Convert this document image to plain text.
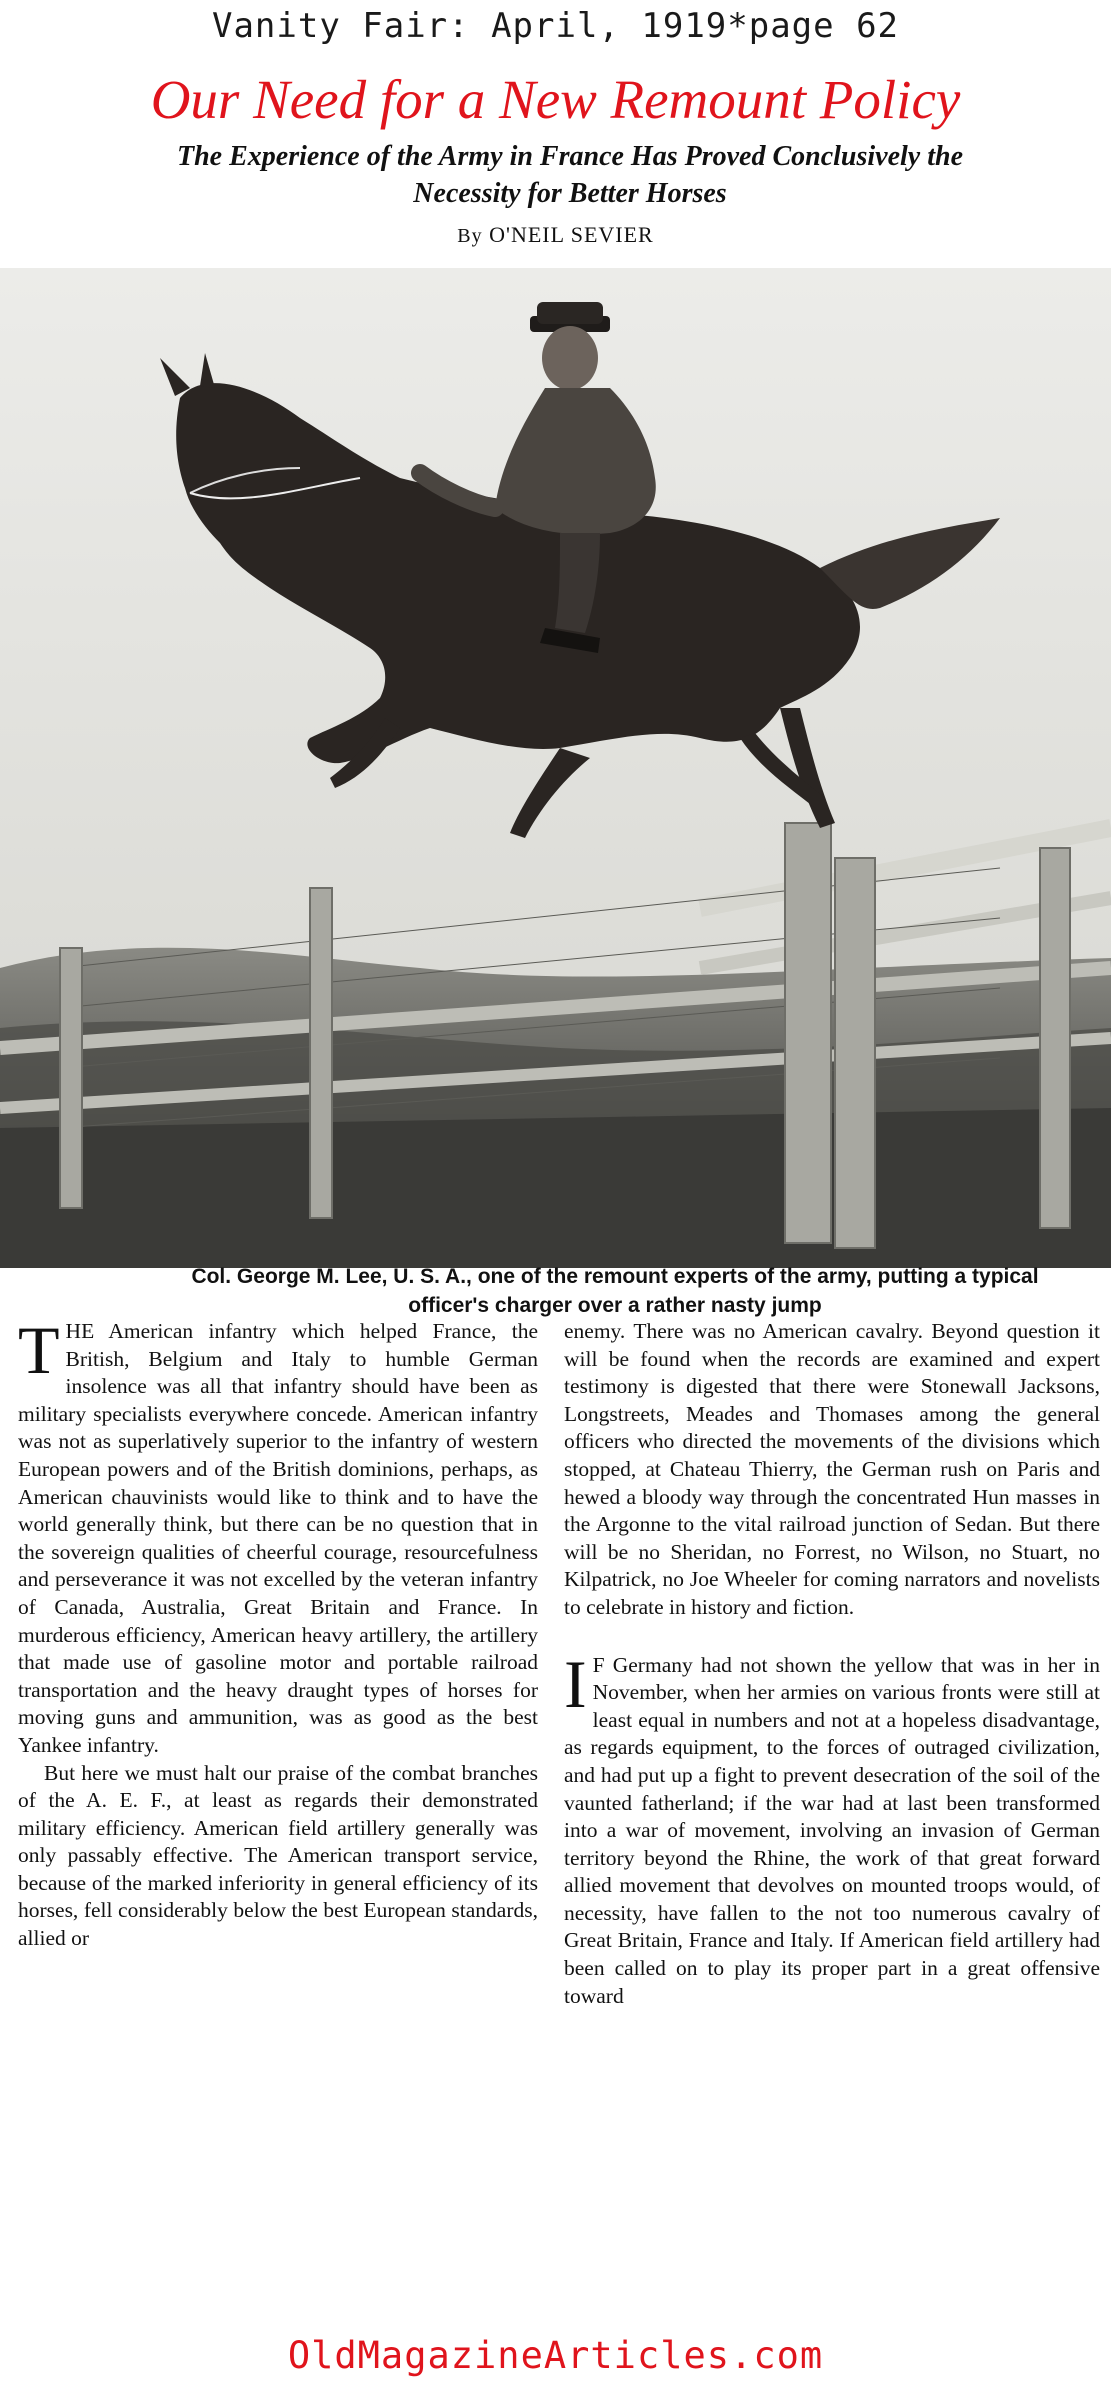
Vanity Fair: April, 1919*page 62
Our Need for a New Remount Policy
The Experience of the Army in France Has Proved Conclusively the Necessity for Better Horses
By O'NEIL SEVIER
Col. George M. Lee, U. S. A., one of the remount experts of the army, putting a typical officer's charger over a rather nasty jump

THE American infantry which helped France, the British, Belgium and Italy to humble German insolence was all that infantry should have been as military specialists everywhere concede. American infantry was not as superlatively superior to the infantry of western European powers and of the British dominions, perhaps, as American chauvinists would like to think and to have the world generally think, but there can be no question that in the sovereign qualities of cheerful courage, resourcefulness and perseverance it was not excelled by the veteran infantry of Canada, Australia, Great Britain and France. In murderous efficiency, American heavy artillery, the artillery that made use of gasoline motor and portable railroad transportation and the heavy draught types of horses for moving guns and ammunition, was as good as the best Yankee infantry.

But here we must halt our praise of the combat branches of the A. E. F., at least as regards their demonstrated military efficiency. American field artillery generally was only passably effective. The American transport service, because of the marked inferiority in general efficiency of its horses, fell considerably below the best European standards, allied or

enemy. There was no American cavalry. Beyond question it will be found when the records are examined and expert testimony is digested that there were Stonewall Jacksons, Longstreets, Meades and Thomases among the general officers who directed the movements of the divisions which stopped, at Chateau Thierry, the German rush on Paris and hewed a bloody way through the concentrated Hun masses in the Argonne to the vital railroad junction of Sedan. But there will be no Sheridan, no Forrest, no Wilson, no Stuart, no Kilpatrick, no Joe Wheeler for coming narrators and novelists to celebrate in history and fiction.

I F Germany had not shown the yellow that was in her in November, when her armies on various fronts were still at least equal in numbers and not at a hopeless disadvantage, as regards equipment, to the forces of outraged civilization, and had put up a fight to prevent desecration of the soil of the vaunted fatherland; if the war had at last been transformed into a war of movement, involving an invasion of German territory beyond the Rhine, the work of that great forward allied movement that devolves on mounted troops would, of necessity, have fallen to the not too numerous cavalry of Great Britain, France and Italy. If American field artillery had been called on to play its proper part in a great offensive toward

OldMagazineArticles.com
